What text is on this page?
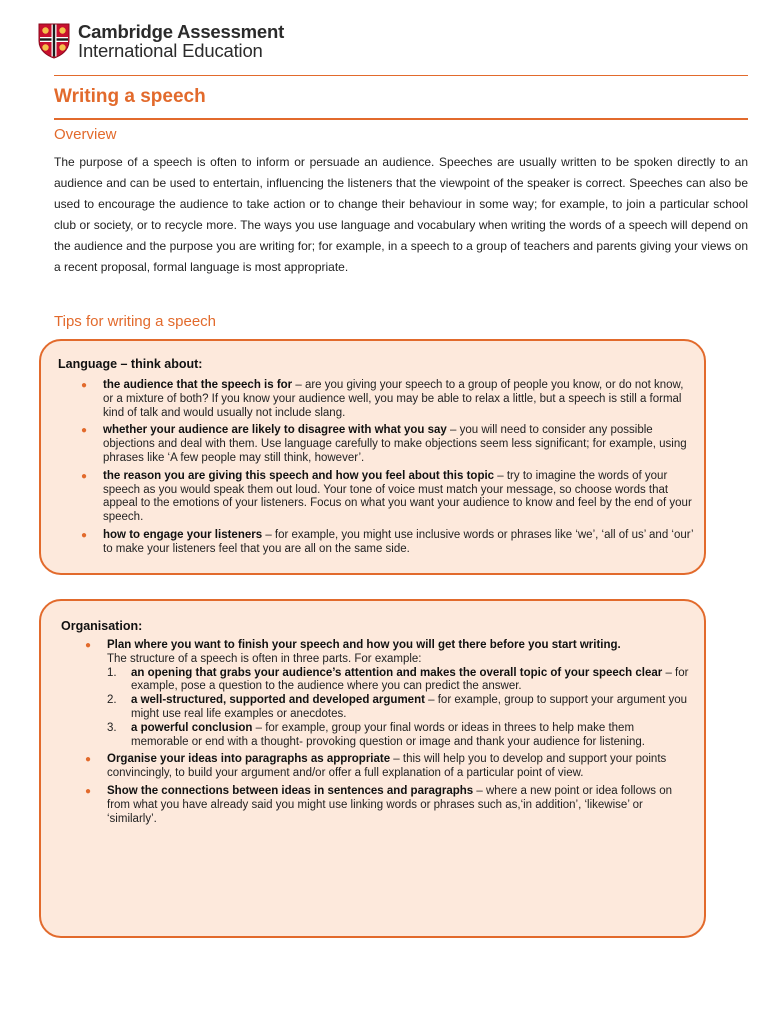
Cambridge Assessment
International Education
Writing a speech
Overview

The purpose of a speech is often to inform or persuade an audience. Speeches are usually written to be spoken directly to an audience and can be used to entertain, influencing the listeners that the viewpoint of the speaker is correct. Speeches can also be used to encourage the audience to take action or to change their behaviour in some way; for example, to join a particular school club or society, or to recycle more. The ways you use language and vocabulary when writing the words of a speech will depend on the audience and the purpose you are writing for; for example, in a speech to a group of teachers and parents giving your views on a recent proposal, formal language is most appropriate.

Tips for writing a speech
Language – think about:
● the audience that the speech is for – are you giving your speech to a group of people you know, or do not know, or a mixture of both? If you know your audience well, you may be able to relax a little, but a speech is still a formal kind of talk and would usually not include slang.
● whether your audience are likely to disagree with what you say – you will need to consider any possible objections and deal with them. Use language carefully to make objections seem less significant; for example, using phrases like ‘A few people may still think, however’.
● the reason you are giving this speech and how you feel about this topic – try to imagine the words of your speech as you would speak them out loud. Your tone of voice must match your message, so choose words that appeal to the emotions of your listeners. Focus on what you want your audience to know and feel by the end of your speech.
● how to engage your listeners – for example, you might use inclusive words or phrases like ‘we’, ‘all of us’ and ‘our’ to make your listeners feel that you are all on the same side.
Organisation:
● Plan where you want to finish your speech and how you will get there before you start writing.
The structure of a speech is often in three parts. For example:
1. an opening that grabs your audience’s attention and makes the overall topic of your speech clear – for example, pose a question to the audience where you can predict the answer.
2. a well-structured, supported and developed argument – for example, group to support your argument you might use real life examples or anecdotes.
3. a powerful conclusion – for example, group your final words or ideas in threes to help make them memorable or end with a thought- provoking question or image and thank your audience for listening.
● Organise your ideas into paragraphs as appropriate – this will help you to develop and support your points convincingly, to build your argument and/or offer a full explanation of a particular point of view.
● Show the connections between ideas in sentences and paragraphs – where a new point or idea follows on from what you have already said you might use linking words or phrases such as,‘in addition’, ‘likewise’ or ‘similarly’.
